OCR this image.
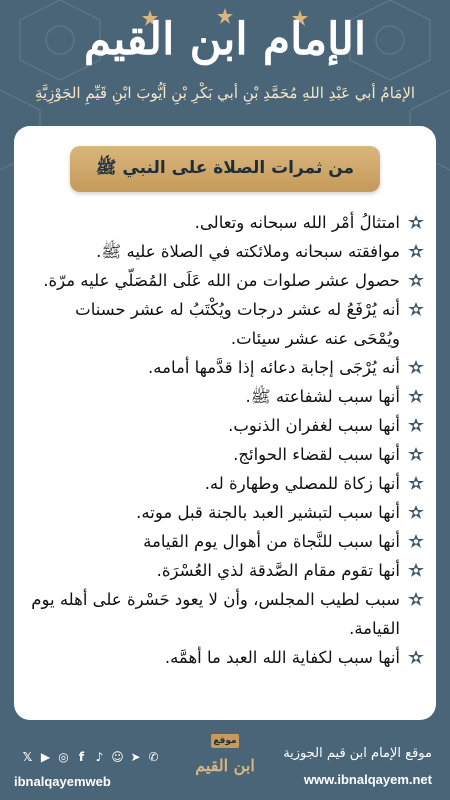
الإمام ابن القيم
الإمَامُ أبي عَبْدِ اللهِ مُحَمَّدِ بْنِ أبي بَكْرِ بْنِ أيُّوبَ ابْنِ قَيِّمِ الجَوْزِيَّةِ
من ثمرات الصلاة على النبي ﷺ
امتثالُ أمْر الله سبحانه وتعالى.
موافقته سبحانه وملائكته في الصلاة عليه ﷺ.
حصول عشر صلوات من الله عَلَى المُصَلّي عليه مرّة.
أنه يُرْفَعُ له عشر درجات ويُكْتَبُ له عشر حسنات ويُمْحَى عنه عشر سيئات.
أنه يُرْجَى إجابة دعائه إذا قدَّمها أمامه.
أنها سبب لشفاعته ﷺ.
أنها سبب لغفران الذنوب.
أنها سبب لقضاء الحوائج.
أنها زكاة للمصلي وطهارة له.
أنها سبب لتبشير العبد بالجنة قبل موته.
أنها سبب للنَّجاة من أهوال يوم القيامة
أنها تقوم مقام الصَّدقة لذي العُسْرَة.
سبب لطيب المجلس، وأن لا يعود حَسْرة على أهله يوم القيامة.
أنها سبب لكفاية الله العبد ما أهمَّه.
𝕏 ▶ ◎ f ♪ ☺ ➤ ✆
ibnalqayemweb
موقع
ابن القيم
موقع الإمام ابن قيم الجوزية
www.ibnalqayem.net
